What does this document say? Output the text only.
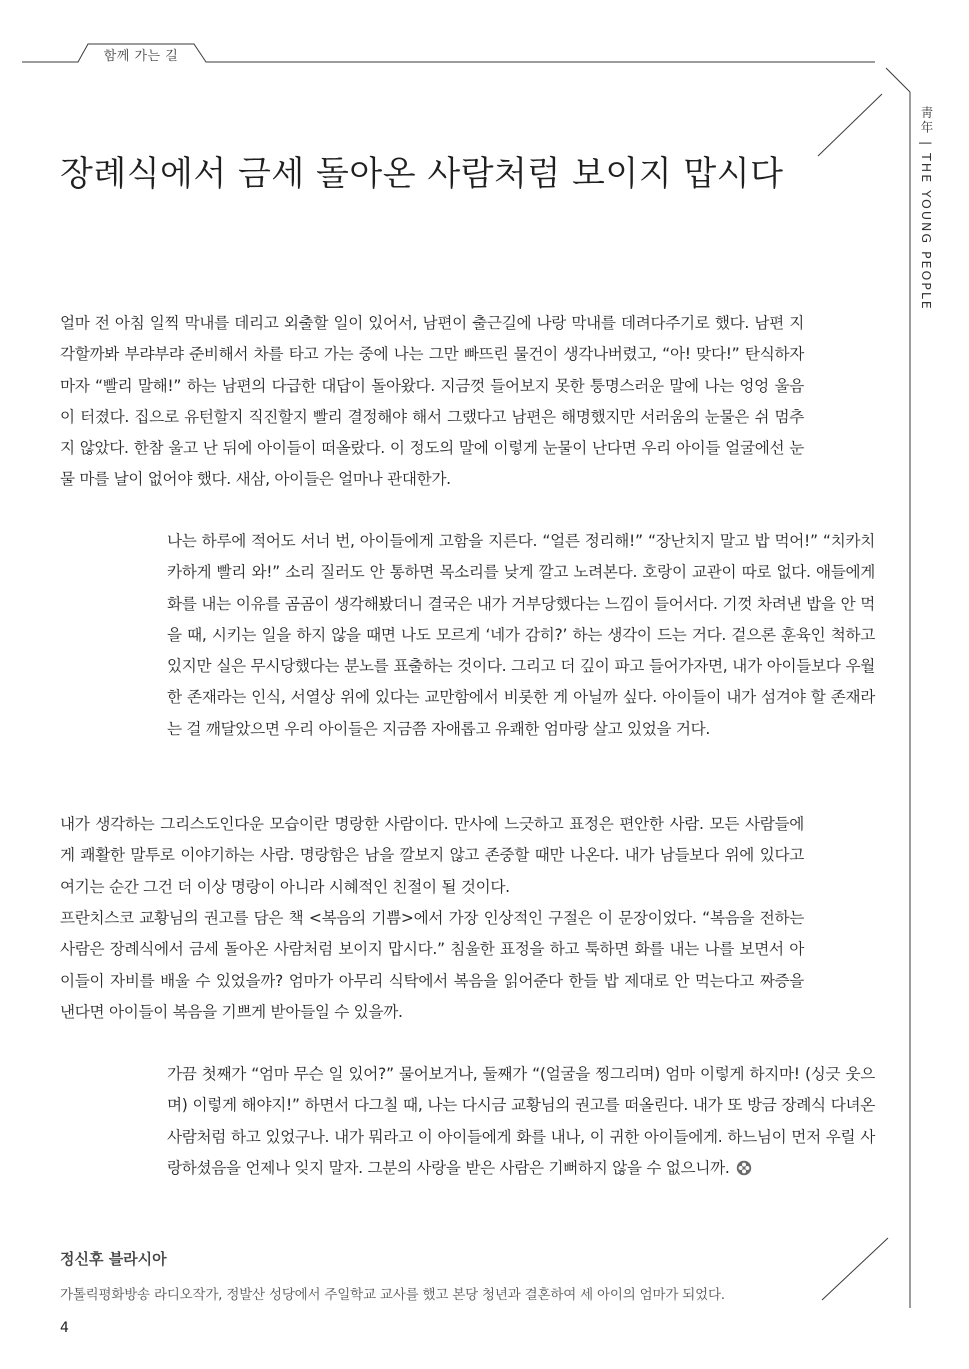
함께 가는 길
靑年 | THE YOUNG PEOPLE
장례식에서 금세 돌아온 사람처럼 보이지 맙시다

얼마 전 아침 일찍 막내를 데리고 외출할 일이 있어서, 남편이 출근길에 나랑 막내를 데려다주기로 했다. 남편 지각할까봐 부랴부랴 준비해서 차를 타고 가는 중에 나는 그만 빠뜨린 물건이 생각나버렸고, “아! 맞다!” 탄식하자마자 “빨리 말해!” 하는 남편의 다급한 대답이 돌아왔다. 지금껏 들어보지 못한 퉁명스러운 말에 나는 엉엉 울음이 터졌다. 집으로 유턴할지 직진할지 빨리 결정해야 해서 그랬다고 남편은 해명했지만 서러움의 눈물은 쉬 멈추지 않았다. 한참 울고 난 뒤에 아이들이 떠올랐다. 이 정도의 말에 이렇게 눈물이 난다면 우리 아이들 얼굴에선 눈물 마를 날이 없어야 했다. 새삼, 아이들은 얼마나 관대한가.

나는 하루에 적어도 서너 번, 아이들에게 고함을 지른다. “얼른 정리해!” “장난치지 말고 밥 먹어!” “치카치카하게 빨리 와!” 소리 질러도 안 통하면 목소리를 낮게 깔고 노려본다. 호랑이 교관이 따로 없다. 애들에게 화를 내는 이유를 곰곰이 생각해봤더니 결국은 내가 거부당했다는 느낌이 들어서다. 기껏 차려낸 밥을 안 먹을 때, 시키는 일을 하지 않을 때면 나도 모르게 ‘네가 감히?’ 하는 생각이 드는 거다. 겉으론 훈육인 척하고 있지만 실은 무시당했다는 분노를 표출하는 것이다. 그리고 더 깊이 파고 들어가자면, 내가 아이들보다 우월한 존재라는 인식, 서열상 위에 있다는 교만함에서 비롯한 게 아닐까 싶다. 아이들이 내가 섬겨야 할 존재라는 걸 깨달았으면 우리 아이들은 지금쯤 자애롭고 유쾌한 엄마랑 살고 있었을 거다.

내가 생각하는 그리스도인다운 모습이란 명랑한 사람이다. 만사에 느긋하고 표정은 편안한 사람. 모든 사람들에게 쾌활한 말투로 이야기하는 사람. 명랑함은 남을 깔보지 않고 존중할 때만 나온다. 내가 남들보다 위에 있다고 여기는 순간 그건 더 이상 명랑이 아니라 시혜적인 친절이 될 것이다.

프란치스코 교황님의 권고를 담은 책 <복음의 기쁨>에서 가장 인상적인 구절은 이 문장이었다. “복음을 전하는 사람은 장례식에서 금세 돌아온 사람처럼 보이지 맙시다.” 침울한 표정을 하고 툭하면 화를 내는 나를 보면서 아이들이 자비를 배울 수 있었을까? 엄마가 아무리 식탁에서 복음을 읽어준다 한들 밥 제대로 안 먹는다고 짜증을 낸다면 아이들이 복음을 기쁘게 받아들일 수 있을까.

가끔 첫째가 “엄마 무슨 일 있어?” 물어보거나, 둘째가 “(얼굴을 찡그리며) 엄마 이렇게 하지마! (싱긋 웃으며) 이렇게 해야지!” 하면서 다그칠 때, 나는 다시금 교황님의 권고를 떠올린다. 내가 또 방금 장례식 다녀온 사람처럼 하고 있었구나. 내가 뭐라고 이 아이들에게 화를 내나, 이 귀한 아이들에게. 하느님이 먼저 우릴 사랑하셨음을 언제나 잊지 말자. 그분의 사랑을 받은 사람은 기뻐하지 않을 수 없으니까.

정신후 블라시아

가톨릭평화방송 라디오작가, 정발산 성당에서 주일학교 교사를 했고 본당 청년과 결혼하여 세 아이의 엄마가 되었다.

4
